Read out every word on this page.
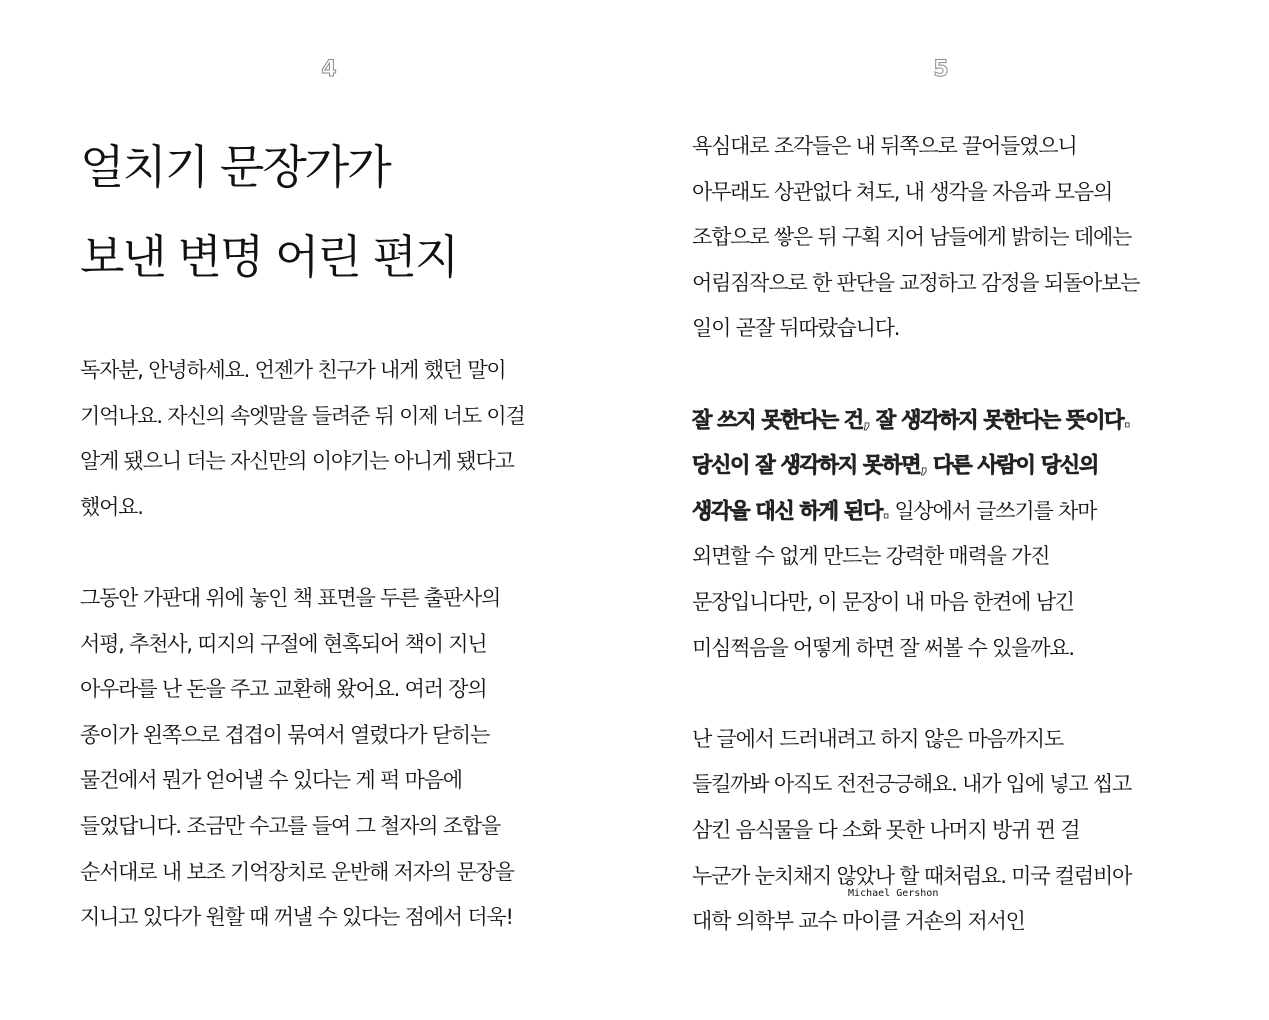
4
얼치기 문장가가
보낸 변명 어린 편지
독자분, 안녕하세요. 언젠가 친구가 내게 했던 말이
기억나요. 자신의 속엣말을 들려준 뒤 이제 너도 이걸
알게 됐으니 더는 자신만의 이야기는 아니게 됐다고
했어요.
그동안 가판대 위에 놓인 책 표면을 두른 출판사의
서평, 추천사, 띠지의 구절에 현혹되어 책이 지닌
아우라를 난 돈을 주고 교환해 왔어요. 여러 장의
종이가 왼쪽으로 겹겹이 묶여서 열렸다가 닫히는
물건에서 뭔가 얻어낼 수 있다는 게 퍽 마음에
들었답니다. 조금만 수고를 들여 그 철자의 조합을
순서대로 내 보조 기억장치로 운반해 저자의 문장을
지니고 있다가 원할 때 꺼낼 수 있다는 점에서 더욱!
5
욕심대로 조각들은 내 뒤쪽으로 끌어들였으니
아무래도 상관없다 쳐도, 내 생각을 자음과 모음의
조합으로 쌓은 뒤 구획 지어 남들에게 밝히는 데에는
어림짐작으로 한 판단을 교정하고 감정을 되돌아보는
일이 곧잘 뒤따랐습니다.
잘 쓰지 못한다는 건, 잘 생각하지 못한다는 뜻이다.
당신이 잘 생각하지 못하면, 다른 사람이 당신의
생각을 대신 하게 된다. 일상에서 글쓰기를 차마
외면할 수 없게 만드는 강력한 매력을 가진
문장입니다만, 이 문장이 내 마음 한켠에 남긴
미심쩍음을 어떻게 하면 잘 써볼 수 있을까요.
난 글에서 드러내려고 하지 않은 마음까지도
들킬까봐 아직도 전전긍긍해요. 내가 입에 넣고 씹고
삼킨 음식물을 다 소화 못한 나머지 방귀 뀐 걸
누군가 눈치채지 않았나 할 때처럼요. 미국 컬럼비아
대학 의학부 교수
Michael Gershon
마이클 거숀의 저서인
